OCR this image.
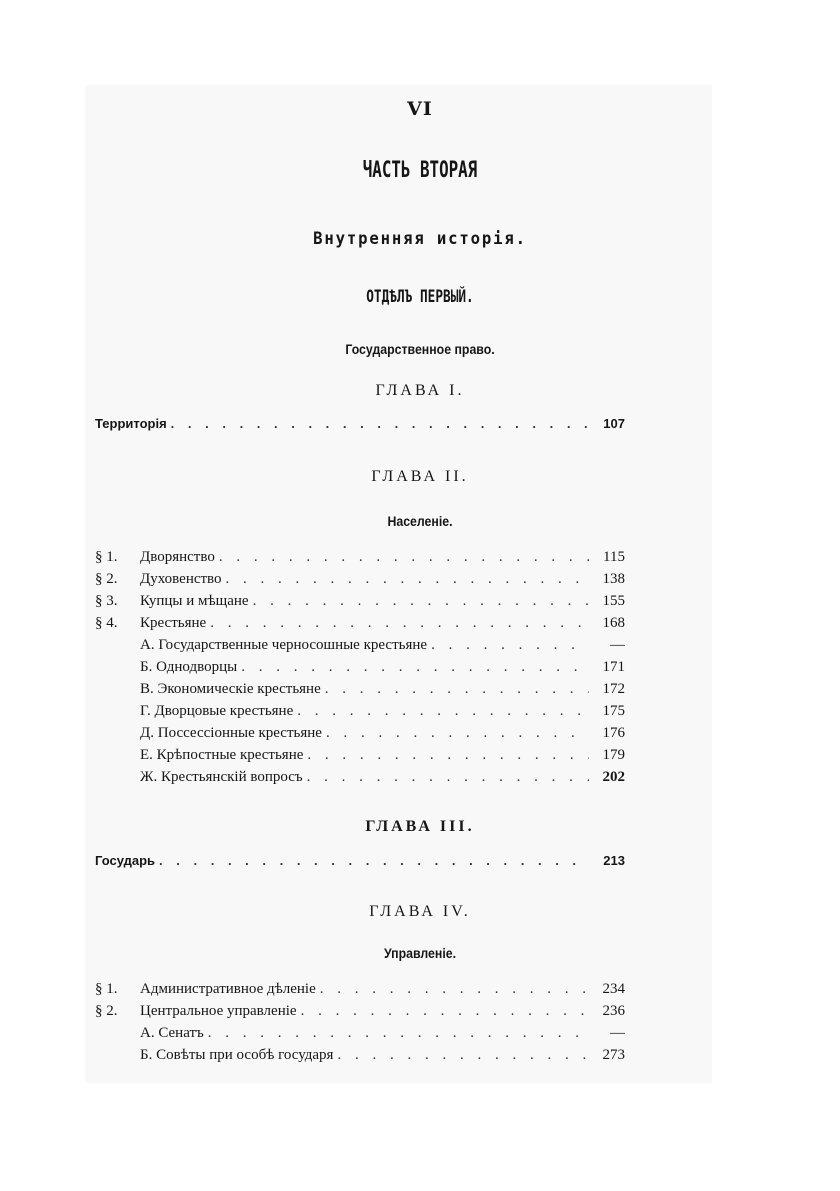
VI
ЧАСТЬ ВТОРАЯ
Внутренняя исторія.
ОТДѢЛЪ ПЕРВЫЙ.
Государственное право.
ГЛАВА I.
Территорія . . .	107
ГЛАВА II.
Населеніе.
§ 1.	Дворянство . . .	115
§ 2.	Духовенство . . .	138
§ 3.	Купцы и мѣщане . . .	155
§ 4.	Крестьяне . . .	168
А. Государственные черносошные крестьяне . . .	—
Б. Однодворцы . . .	171
В. Экономическіе крестьяне . . .	172
Г. Дворцовые крестьяне . . .	175
Д. Поссессіонные крестьяне . . .	176
Е. Крѣпостные крестьяне . . .	179
Ж. Крестьянскій вопросъ . . .	202
ГЛАВА III.
Государь . . .	213
ГЛАВА IV.
Управленіе.
§ 1.	Административное дѣленіе . . .	234
§ 2.	Центральное управленіе . . .	236
А. Сенатъ . . .	—
Б. Совѣты при особѣ государя . . .	273
